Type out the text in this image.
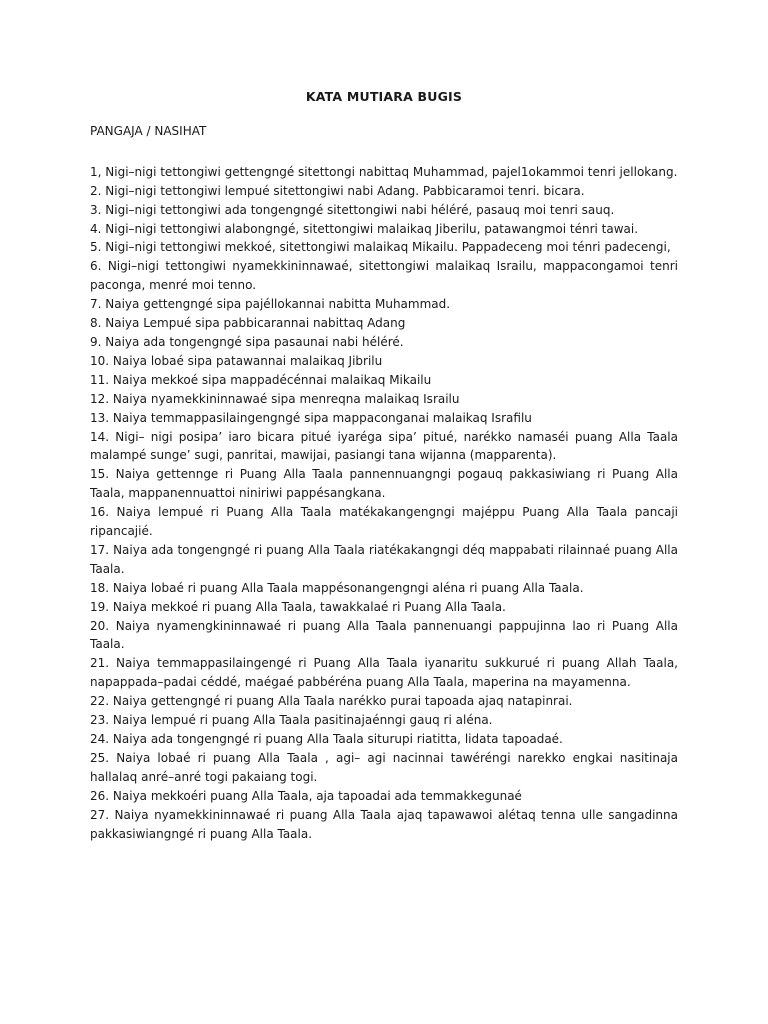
KATA MUTIARA BUGIS
PANGAJA / NASIHAT

1, Nigi–nigi tettongiwi gettengngé sitettongi nabittaq Muhammad, pajel1okammoi tenri jellokang.

2. Nigi–nigi tettongiwi lempué sitettongiwi nabi Adang. Pabbicaramoi tenri. bicara.

3. Nigi–nigi tettongiwi ada tongengngé sitettongiwi nabi héléré, pasauq moi tenri sauq.

4. Nigi–nigi tettongiwi alabongngé, sitettongiwi malaikaq Jiberilu, patawangmoi ténri tawai.

5. Nigi–nigi tettongiwi mekkoé, sitettongiwi malaikaq Mikailu. Pappadeceng moi ténri padecengi,

6. Nigi–nigi tettongiwi nyamekkininnawaé, sitettongiwi malaikaq Israilu, mappacongamoi tenri paconga, menré moi tenno.

7. Naiya gettengngé sipa pajéllokannai nabitta Muhammad.

8. Naiya Lempué sipa pabbicarannai nabittaq Adang

9. Naiya ada tongengngé sipa pasaunai nabi héléré.

10. Naiya lobaé sipa patawannai malaikaq Jibrilu

11. Naiya mekkoé sipa mappadécénnai malaikaq Mikailu

12. Naiya nyamekkininnawaé sipa menreqna malaikaq Israilu

13. Naiya temmappasilaingengngé sipa mappaconganai malaikaq Israfilu

14. Nigi– nigi posipa’ iaro bicara pitué iyaréga sipa’ pitué, narékko namaséi puang Alla Taala malampé sunge’ sugi, panritai, mawijai, pasiangi tana wijanna (mapparenta).

15. Naiya gettennge ri Puang Alla Taala pannennuangngi pogauq pakkasiwiang ri Puang Alla Taala, mappanennuattoi niniriwi pappésangkana.

16. Naiya lempué ri Puang Alla Taala matékakangengngi majéppu Puang Alla Taala pancaji ripancajié.

17. Naiya ada tongengngé ri puang Alla Taala riatékakangngi déq mappabati rilainnaé puang Alla Taala.

18. Naiya lobaé ri puang Alla Taala mappésonangengngi aléna ri puang Alla Taala.

19. Naiya mekkoé ri puang Alla Taala, tawakkalaé ri Puang Alla Taala.

20. Naiya nyamengkininnawaé ri puang Alla Taala pannenuangi pappujinna lao ri Puang Alla Taala.

21. Naiya temmappasilaingengé ri Puang Alla Taala iyanaritu sukkurué ri puang Allah Taala, napappada–padai céddé, maégaé pabbéréna puang Alla Taala, maperina na mayamenna.

22. Naiya gettengngé ri puang Alla Taala narékko purai tapoada ajaq natapinrai.

23. Naiya lempué ri puang Alla Taala pasitinajaénngi gauq ri aléna.

24. Naiya ada tongengngé ri puang Alla Taala siturupi riatitta, lidata tapoadaé.

25. Naiya lobaé ri puang Alla Taala , agi– agi nacinnai tawéréngi narekko engkai nasitinaja hallalaq anré–anré togi pakaiang togi.

26. Naiya mekkoéri puang Alla Taala, aja tapoadai ada temmakkegunaé

27. Naiya nyamekkininnawaé ri puang Alla Taala ajaq tapawawoi alétaq tenna ulle sangadinna pakkasiwiangngé ri puang Alla Taala.
